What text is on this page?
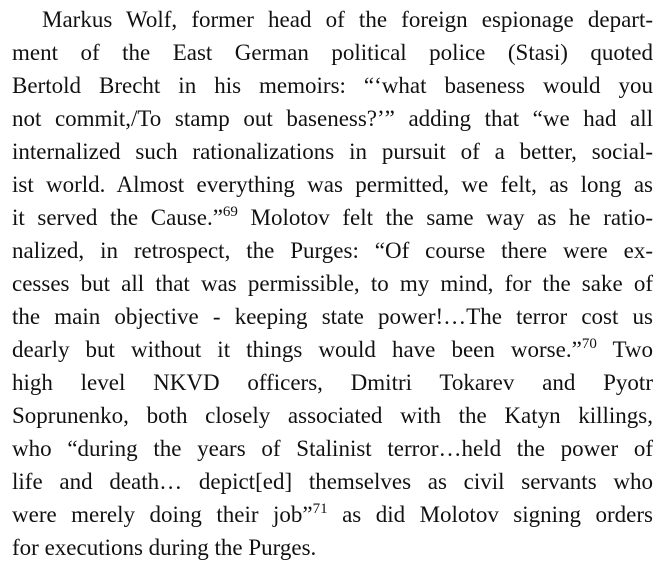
Markus Wolf, former head of the foreign espionage depart-
ment of the East German political police (Stasi) quoted
Bertold Brecht in his memoirs: “‘what baseness would you
not commit,/To stamp out baseness?’” adding that “we had all
internalized such rationalizations in pursuit of a better, social-
ist world. Almost everything was permitted, we felt, as long as
it served the Cause.”$^{69}$ Molotov felt the same way as he ratio-
nalized, in retrospect, the Purges: “Of course there were ex-
cesses but all that was permissible, to my mind, for the sake of
the main objective - keeping state power!…The terror cost us
dearly but without it things would have been worse.”$^{70}$ Two
high level NKVD officers, Dmitri Tokarev and Pyotr
Soprunenko, both closely associated with the Katyn killings,
who “during the years of Stalinist terror…held the power of
life and death… depict[ed] themselves as civil servants who
were merely doing their job”$^{71}$ as did Molotov signing orders
for executions during the Purges.
